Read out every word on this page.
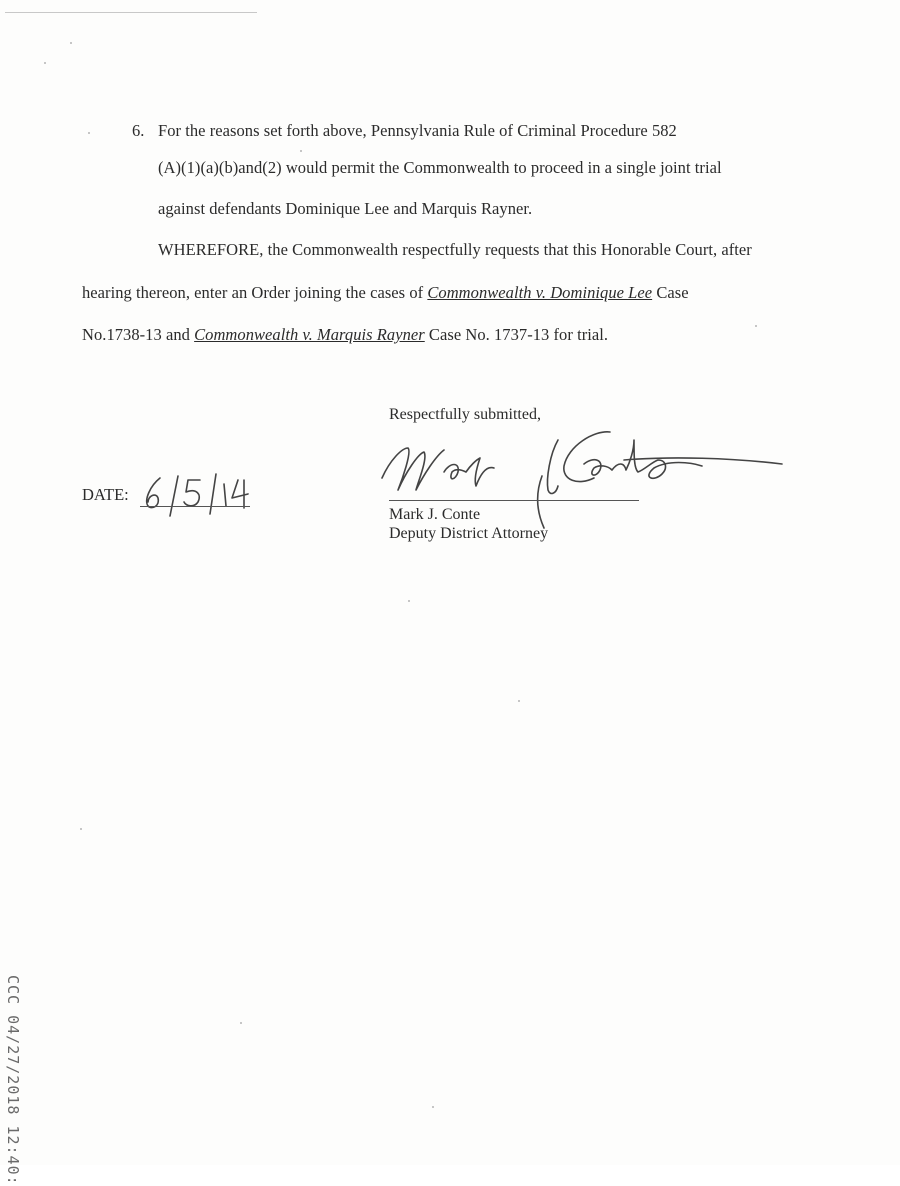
6. For the reasons set forth above, Pennsylvania Rule of Criminal Procedure 582
(A)(1)(a)(b)and(2) would permit the Commonwealth to proceed in a single joint trial
against defendants Dominique Lee and Marquis Rayner.
WHEREFORE, the Commonwealth respectfully requests that this Honorable Court, after
hearing thereon, enter an Order joining the cases of Commonwealth v. Dominique Lee Case
No.1738-13 and Commonwealth v. Marquis Rayner Case No. 1737-13 for trial.
Respectfully submitted,
Mark J. Conte
Deputy District Attorney
DATE:
CCC 04/27/2018 12:40:
